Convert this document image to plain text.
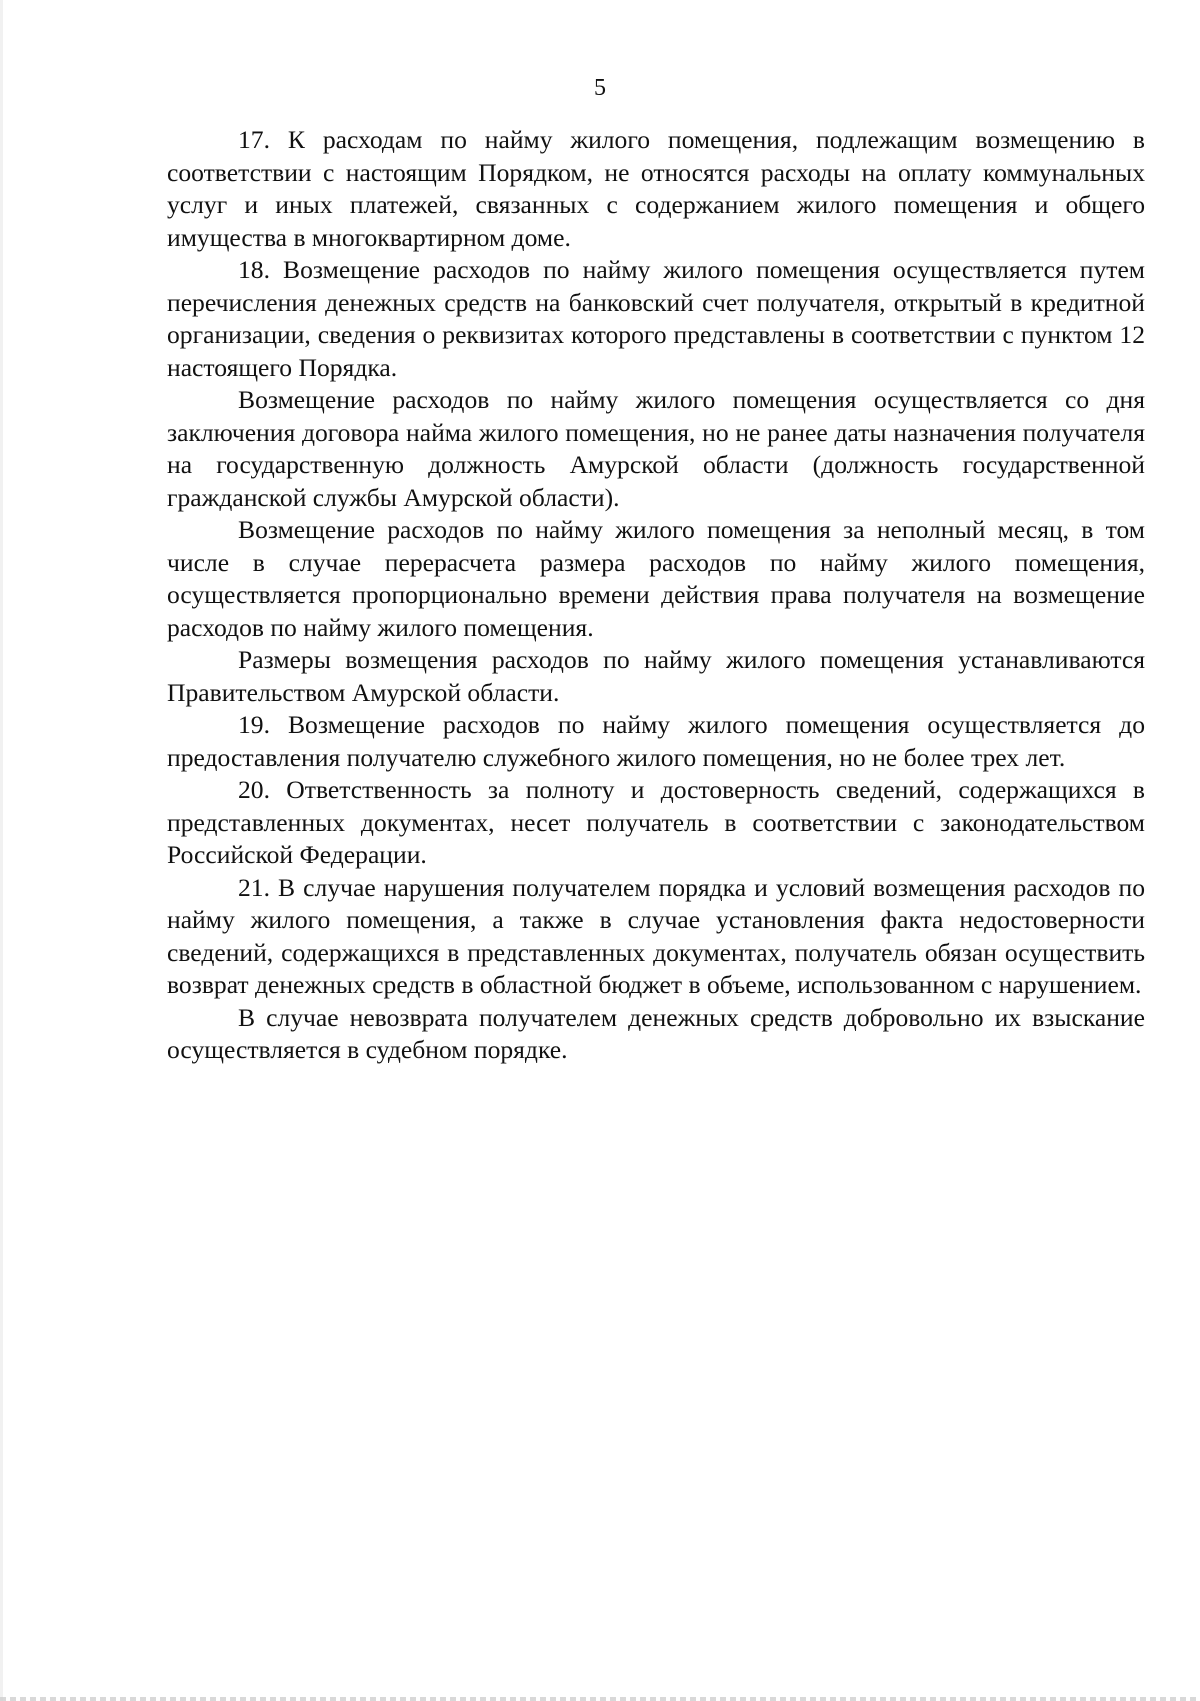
5

17. К расходам по найму жилого помещения, подлежащим возмещению в соответствии с настоящим Порядком, не относятся расходы на оплату коммунальных услуг и иных платежей, связанных с содержанием жилого помещения и общего имущества в многоквартирном доме.

18. Возмещение расходов по найму жилого помещения осуществляется путем перечисления денежных средств на банковский счет получателя, открытый в кредитной организации, сведения о реквизитах которого представлены в соответствии с пунктом 12 настоящего Порядка.

Возмещение расходов по найму жилого помещения осуществляется со дня заключения договора найма жилого помещения, но не ранее даты назначения получателя на государственную должность Амурской области (должность государственной гражданской службы Амурской области).

Возмещение расходов по найму жилого помещения за неполный месяц, в том числе в случае перерасчета размера расходов по найму жилого помещения, осуществляется пропорционально времени действия права получателя на возмещение расходов по найму жилого помещения.

Размеры возмещения расходов по найму жилого помещения устанавливаются Правительством Амурской области.

19. Возмещение расходов по найму жилого помещения осуществляется до предоставления получателю служебного жилого помещения, но не более трех лет.

20. Ответственность за полноту и достоверность сведений, содержащихся в представленных документах, несет получатель в соответствии с законодательством Российской Федерации.

21. В случае нарушения получателем порядка и условий возмещения расходов по найму жилого помещения, а также в случае установления факта недостоверности сведений, содержащихся в представленных документах, получатель обязан осуществить возврат денежных средств в областной бюджет в объеме, использованном с нарушением.

В случае невозврата получателем денежных средств добровольно их взыскание осуществляется в судебном порядке.
